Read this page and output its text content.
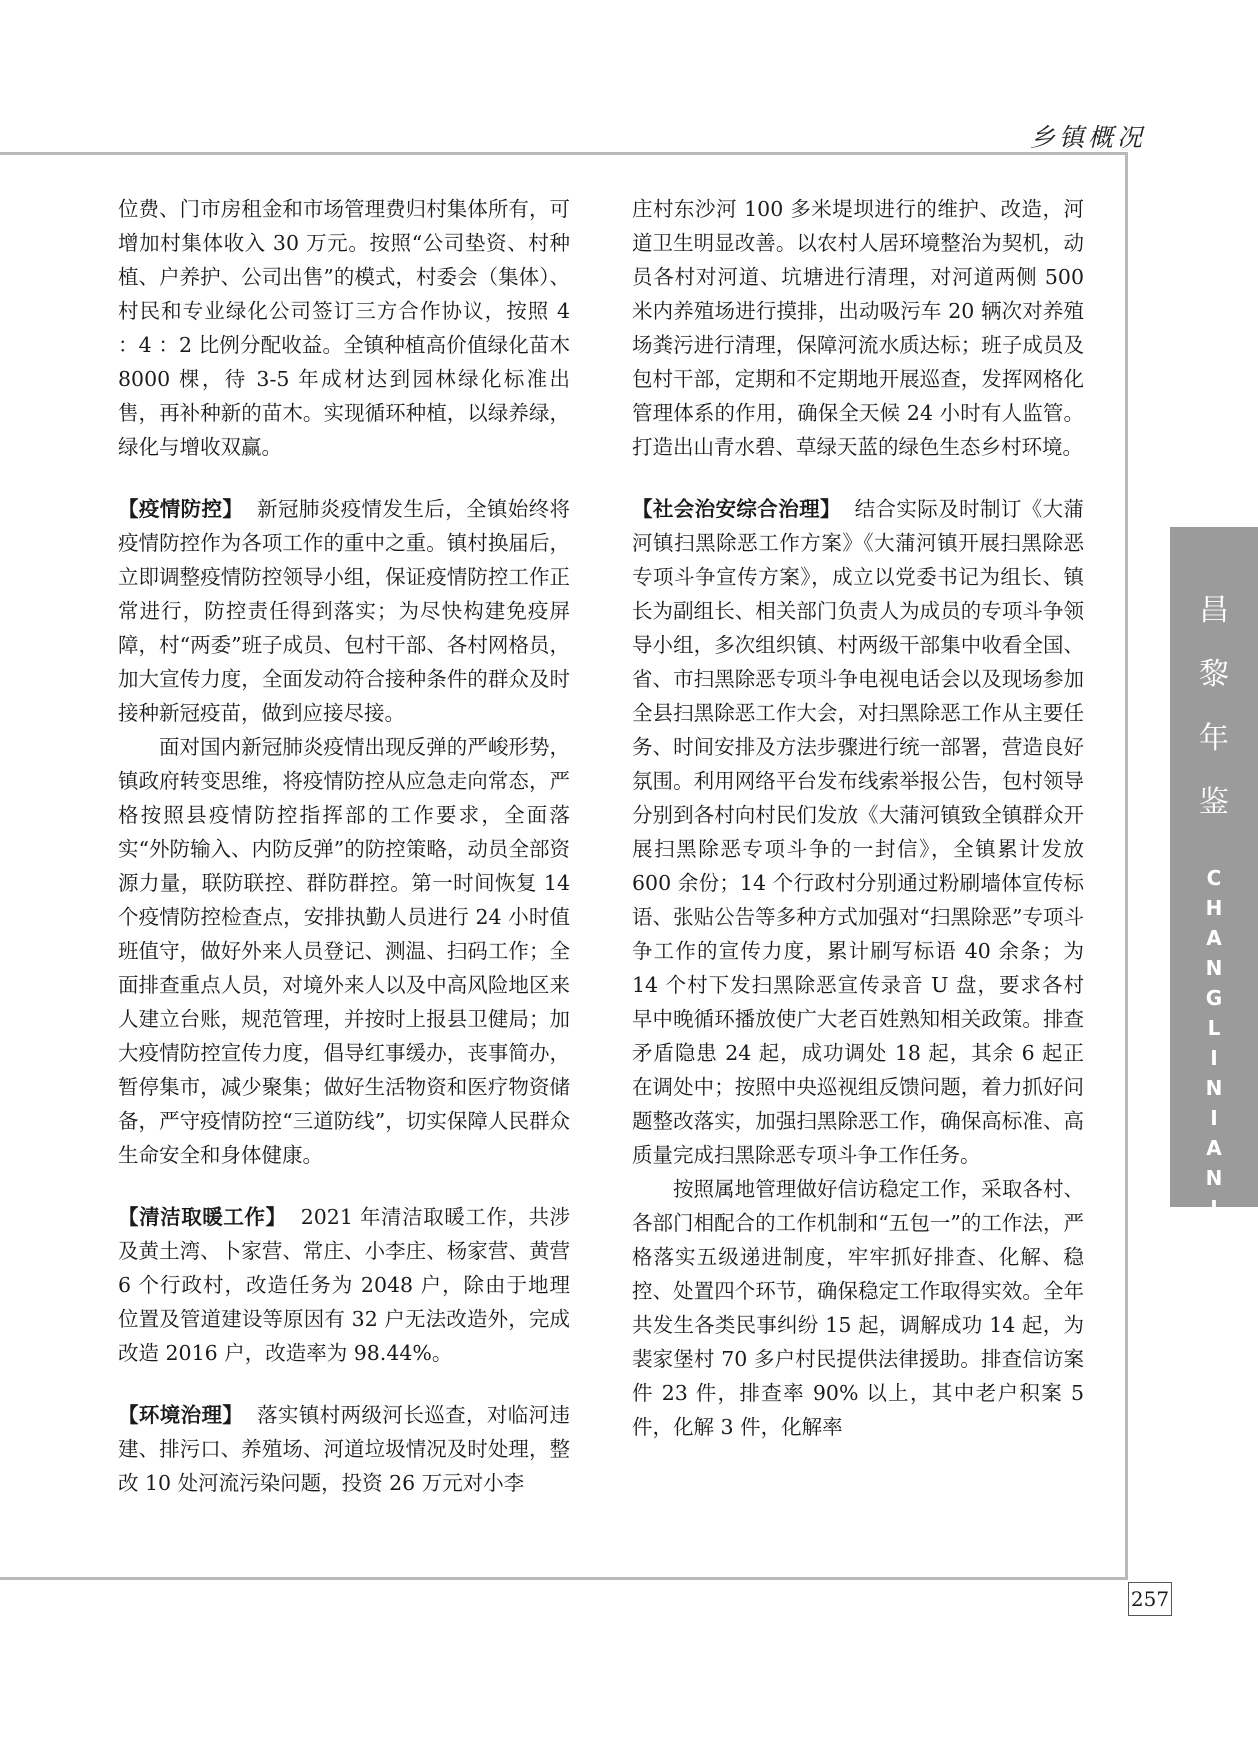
乡镇概况

位费、门市房租金和市场管理费归村集体所有，可增加村集体收入 30 万元。按照“公司垫资、村种植、户养护、公司出售”的模式，村委会（集体）、村民和专业绿化公司签订三方合作协议，按照 4 ：4 ：2 比例分配收益。全镇种植高价值绿化苗木 8000 棵，待 3-5 年成材达到园林绿化标准出售，再补种新的苗木。实现循环种植，以绿养绿，绿化与增收双赢。

【疫情防控】 新冠肺炎疫情发生后，全镇始终将疫情防控作为各项工作的重中之重。镇村换届后，立即调整疫情防控领导小组，保证疫情防控工作正常进行，防控责任得到落实；为尽快构建免疫屏障，村“两委”班子成员、包村干部、各村网格员，加大宣传力度，全面发动符合接种条件的群众及时接种新冠疫苗，做到应接尽接。

面对国内新冠肺炎疫情出现反弹的严峻形势，镇政府转变思维，将疫情防控从应急走向常态，严格按照县疫情防控指挥部的工作要求，全面落实“外防输入、内防反弹”的防控策略，动员全部资源力量，联防联控、群防群控。第一时间恢复 14 个疫情防控检查点，安排执勤人员进行 24 小时值班值守，做好外来人员登记、测温、扫码工作；全面排查重点人员，对境外来人以及中高风险地区来人建立台账，规范管理，并按时上报县卫健局；加大疫情防控宣传力度，倡导红事缓办，丧事简办，暂停集市，减少聚集；做好生活物资和医疗物资储备，严守疫情防控“三道防线”，切实保障人民群众生命安全和身体健康。

【清洁取暖工作】 2021 年清洁取暖工作，共涉及黄土湾、卜家营、常庄、小李庄、杨家营、黄营 6 个行政村，改造任务为 2048 户，除由于地理位置及管道建设等原因有 32 户无法改造外，完成改造 2016 户，改造率为 98.44%。

【环境治理】 落实镇村两级河长巡查，对临河违建、排污口、养殖场、河道垃圾情况及时处理，整改 10 处河流污染问题，投资 26 万元对小李

庄村东沙河 100 多米堤坝进行的维护、改造，河道卫生明显改善。以农村人居环境整治为契机，动员各村对河道、坑塘进行清理，对河道两侧 500 米内养殖场进行摸排，出动吸污车 20 辆次对养殖场粪污进行清理，保障河流水质达标；班子成员及包村干部，定期和不定期地开展巡查，发挥网格化管理体系的作用，确保全天候 24 小时有人监管。打造出山青水碧、草绿天蓝的绿色生态乡村环境。

【社会治安综合治理】 结合实际及时制订《大蒲河镇扫黑除恶工作方案》《大蒲河镇开展扫黑除恶专项斗争宣传方案》，成立以党委书记为组长、镇长为副组长、相关部门负责人为成员的专项斗争领导小组，多次组织镇、村两级干部集中收看全国、省、市扫黑除恶专项斗争电视电话会以及现场参加全县扫黑除恶工作大会，对扫黑除恶工作从主要任务、时间安排及方法步骤进行统一部署，营造良好氛围。利用网络平台发布线索举报公告，包村领导分别到各村向村民们发放《大蒲河镇致全镇群众开展扫黑除恶专项斗争的一封信》，全镇累计发放 600 余份；14 个行政村分别通过粉刷墙体宣传标语、张贴公告等多种方式加强对“扫黑除恶”专项斗争工作的宣传力度，累计刷写标语 40 余条；为 14 个村下发扫黑除恶宣传录音 U 盘，要求各村早中晚循环播放使广大老百姓熟知相关政策。排查矛盾隐患 24 起，成功调处 18 起，其余 6 起正在调处中；按照中央巡视组反馈问题，着力抓好问题整改落实，加强扫黑除恶工作，确保高标准、高质量完成扫黑除恶专项斗争工作任务。

按照属地管理做好信访稳定工作，采取各村、各部门相配合的工作机制和“五包一”的工作法，严格落实五级递进制度，牢牢抓好排查、化解、稳控、处置四个环节，确保稳定工作取得实效。全年共发生各类民事纠纷 15 起，调解成功 14 起，为裴家堡村 70 多户村民提供法律援助。排查信访案件 23 件，排查率 90% 以上，其中老户积案 5 件，化解 3 件，化解率

昌
黎
年
鉴
C
H
A
N
G
L
I
N
I
A
N
J
I
A
N
257
